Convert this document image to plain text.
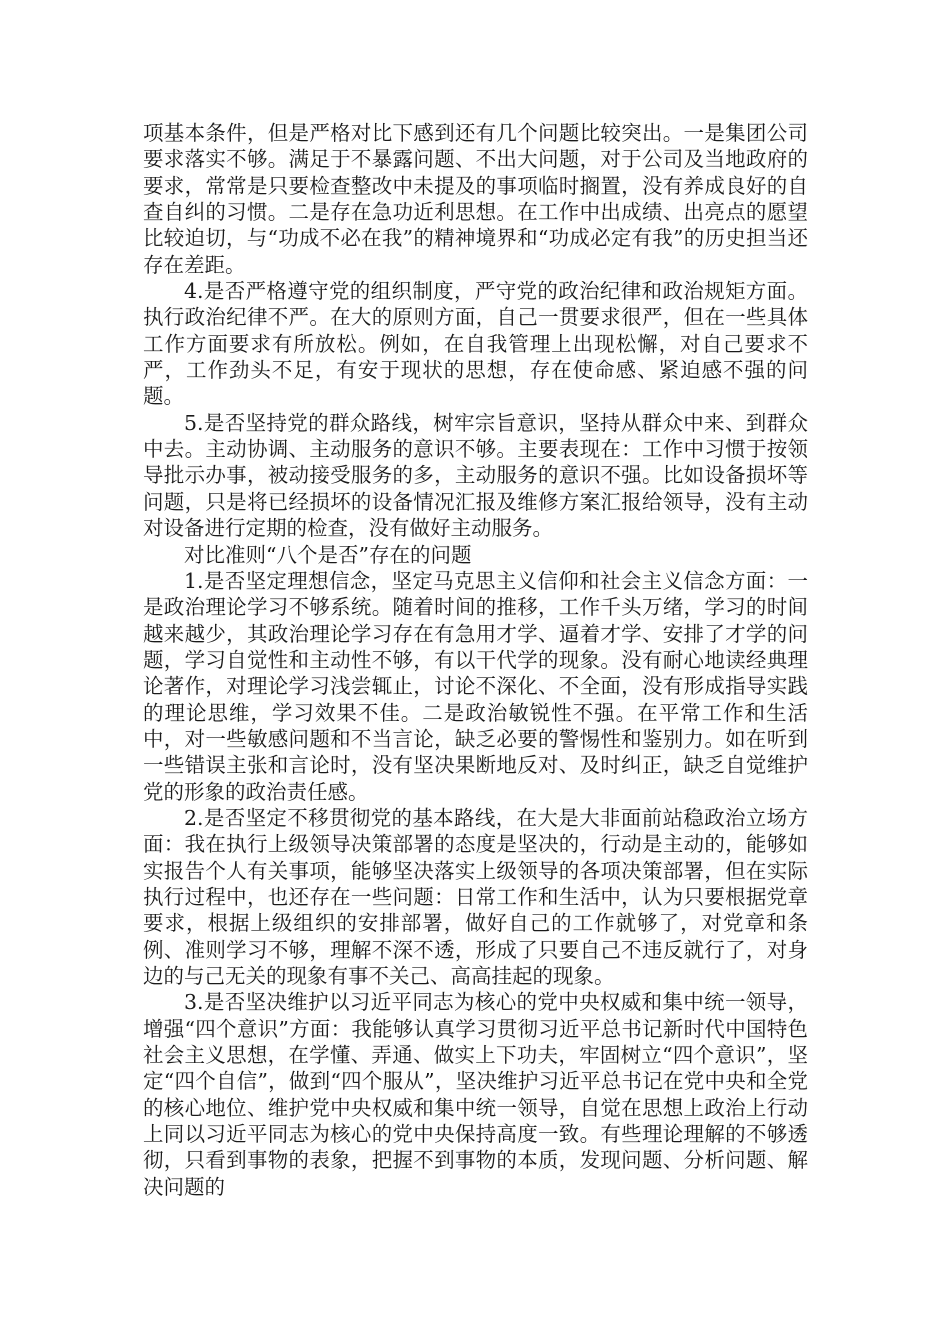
项基本条件，但是严格对比下感到还有几个问题比较突出。一是集团公司要求落实不够。满足于不暴露问题、不出大问题，对于公司及当地政府的要求，常常是只要检查整改中未提及的事项临时搁置，没有养成良好的自查自纠的习惯。二是存在急功近利思想。在工作中出成绩、出亮点的愿望比较迫切，与“功成不必在我”的精神境界和“功成必定有我”的历史担当还存在差距。

4.是否严格遵守党的组织制度，严守党的政治纪律和政治规矩方面。执行政治纪律不严。在大的原则方面，自己一贯要求很严，但在一些具体工作方面要求有所放松。例如，在自我管理上出现松懈，对自己要求不严，工作劲头不足，有安于现状的思想，存在使命感、紧迫感不强的问题。

5.是否坚持党的群众路线，树牢宗旨意识，坚持从群众中来、到群众中去。主动协调、主动服务的意识不够。主要表现在：工作中习惯于按领导批示办事，被动接受服务的多，主动服务的意识不强。比如设备损坏等问题，只是将已经损坏的设备情况汇报及维修方案汇报给领导，没有主动对设备进行定期的检查，没有做好主动服务。

对比准则“八个是否”存在的问题

1.是否坚定理想信念，坚定马克思主义信仰和社会主义信念方面：一是政治理论学习不够系统。随着时间的推移，工作千头万绪，学习的时间越来越少，其政治理论学习存在有急用才学、逼着才学、安排了才学的问题，学习自觉性和主动性不够，有以干代学的现象。没有耐心地读经典理论著作，对理论学习浅尝辄止，讨论不深化、不全面，没有形成指导实践的理论思维，学习效果不佳。二是政治敏锐性不强。在平常工作和生活中，对一些敏感问题和不当言论，缺乏必要的警惕性和鉴别力。如在听到一些错误主张和言论时，没有坚决果断地反对、及时纠正，缺乏自觉维护党的形象的政治责任感。

2.是否坚定不移贯彻党的基本路线，在大是大非面前站稳政治立场方面：我在执行上级领导决策部署的态度是坚决的，行动是主动的，能够如实报告个人有关事项，能够坚决落实上级领导的各项决策部署，但在实际执行过程中，也还存在一些问题：日常工作和生活中，认为只要根据党章要求，根据上级组织的安排部署，做好自己的工作就够了，对党章和条例、准则学习不够，理解不深不透，形成了只要自己不违反就行了，对身边的与己无关的现象有事不关己、高高挂起的现象。

3.是否坚决维护以习近平同志为核心的党中央权威和集中统一领导，增强“四个意识”方面：我能够认真学习贯彻习近平总书记新时代中国特色社会主义思想，在学懂、弄通、做实上下功夫，牢固树立“四个意识”，坚定“四个自信”，做到“四个服从”，坚决维护习近平总书记在党中央和全党的核心地位、维护党中央权威和集中统一领导，自觉在思想上政治上行动上同以习近平同志为核心的党中央保持高度一致。有些理论理解的不够透彻，只看到事物的表象，把握不到事物的本质，发现问题、分析问题、解决问题的
